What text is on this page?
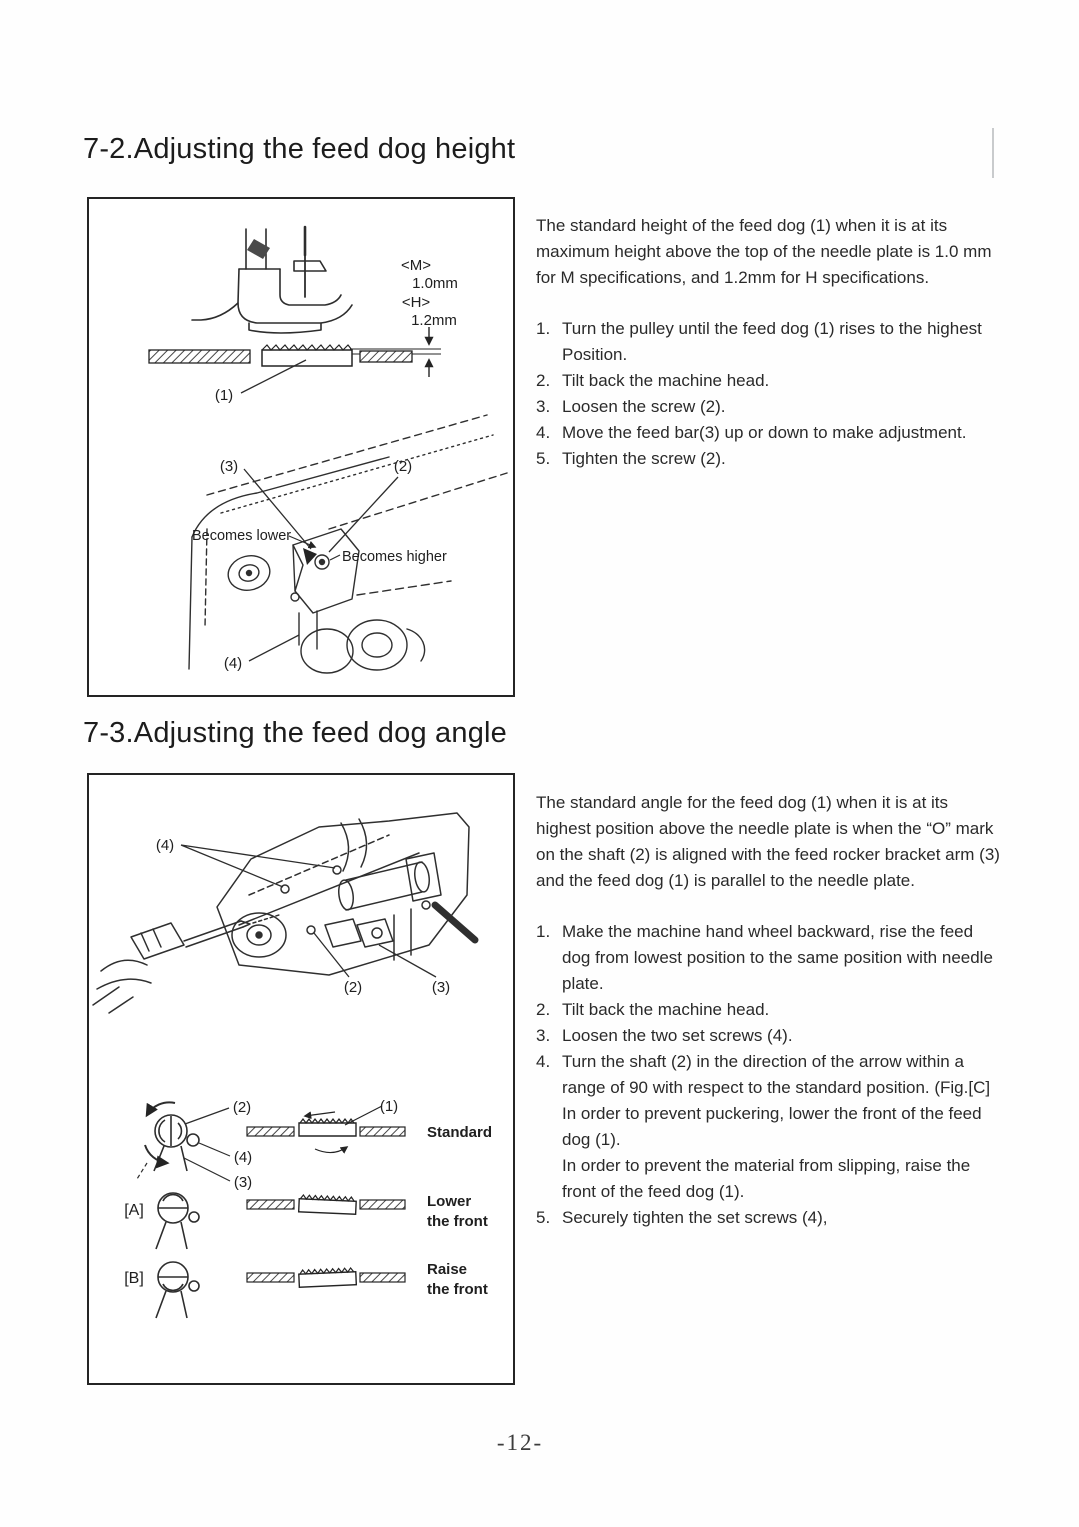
7-2.Adjusting the feed dog height
<M>
1.0mm
<H>
1.2mm
(1)
(3)	(2)
Becomes lower
Becomes higher
(4)

The standard height of the feed dog (1) when it is at its maximum height above the top of the needle plate is 1.0 mm for M specifications, and 1.2mm for H specifications.

1. Turn the pulley until the feed dog (1) rises to the highest

Position.

2. Tilt back the machine head.

3. Loosen the screw (2).

4. Move the feed bar(3) up or down to make adjustment.

5. Tighten the screw (2).

7-3.Adjusting the feed dog angle
(4)
(2)	(3)
(2)
(4)
(3)
(1)
Standard
[A]
Lower
the front
[B]
Raise
the front

The standard angle for the feed dog (1) when it is at its highest position above the needle plate is when the “O” mark on the shaft (2) is aligned with the feed rocker bracket arm (3) and the feed dog (1) is parallel to the needle plate.

1. Make the machine hand wheel backward, rise the feed dog from lowest position to the same position with needle plate.

2. Tilt back the machine head.

3. Loosen the two set screws (4).

4. Turn the shaft (2) in the direction of the arrow within a range of 90 with respect to the standard position. (Fig.[C]

In order to prevent puckering, lower the front of the feed dog (1).

In order to prevent the material from slipping, raise the front of the feed dog (1).

5. Securely tighten the set screws (4),

-12-
